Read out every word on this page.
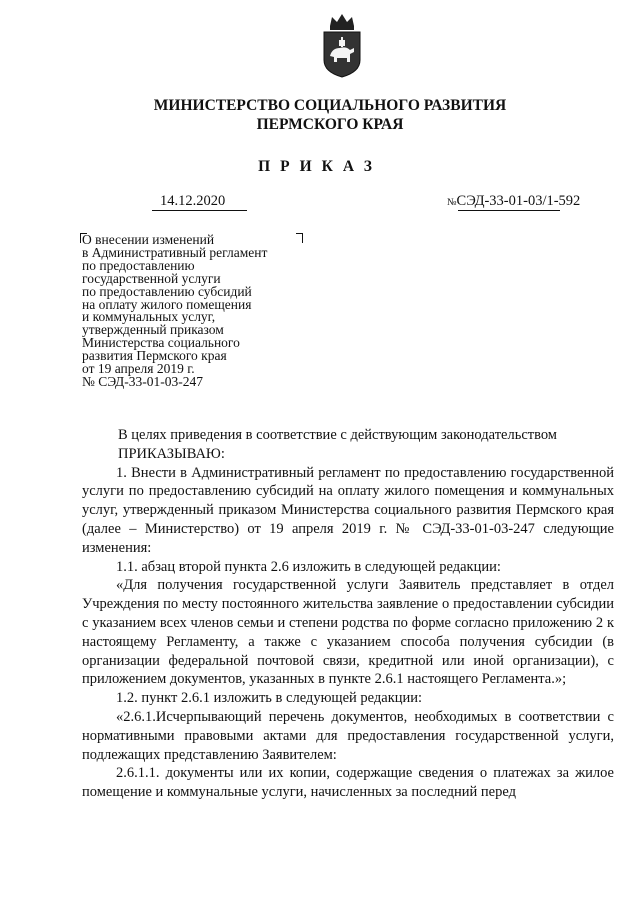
МИНИСТЕРСТВО СОЦИАЛЬНОГО РАЗВИТИЯ
ПЕРМСКОГО КРАЯ
ПРИКАЗ
14.12.2020	№СЭД-33-01-03/1-592
О внесении изменений
в Административный регламент
по предоставлению
государственной услуги
по предоставлению субсидий
на оплату жилого помещения
и коммунальных услуг,
утвержденный приказом
Министерства социального
развития Пермского края
от 19 апреля 2019 г.
№ СЭД-33-01-03-247

В целях приведения в соответствие с действующим законодательством

ПРИКАЗЫВАЮ:

1. Внести в Административный регламент по предоставлению государственной услуги по предоставлению субсидий на оплату жилого помещения и коммунальных услуг, утвержденный приказом Министерства социального развития Пермского края (далее – Министерство) от 19 апреля 2019 г. № СЭД-33-01-03-247 следующие изменения:

1.1. абзац второй пункта 2.6 изложить в следующей редакции:

«Для получения государственной услуги Заявитель представляет в отдел Учреждения по месту постоянного жительства заявление о предоставлении субсидии с указанием всех членов семьи и степени родства по форме согласно приложению 2 к настоящему Регламенту, а также с указанием способа получения субсидии (в организации федеральной почтовой связи, кредитной или иной организации), с приложением документов, указанных в пункте 2.6.1 настоящего Регламента.»;

1.2. пункт 2.6.1 изложить в следующей редакции:

«2.6.1.Исчерпывающий перечень документов, необходимых в соответствии с нормативными правовыми актами для предоставления государственной услуги, подлежащих представлению Заявителем:

2.6.1.1. документы или их копии, содержащие сведения о платежах за жилое помещение и коммунальные услуги, начисленных за последний перед
